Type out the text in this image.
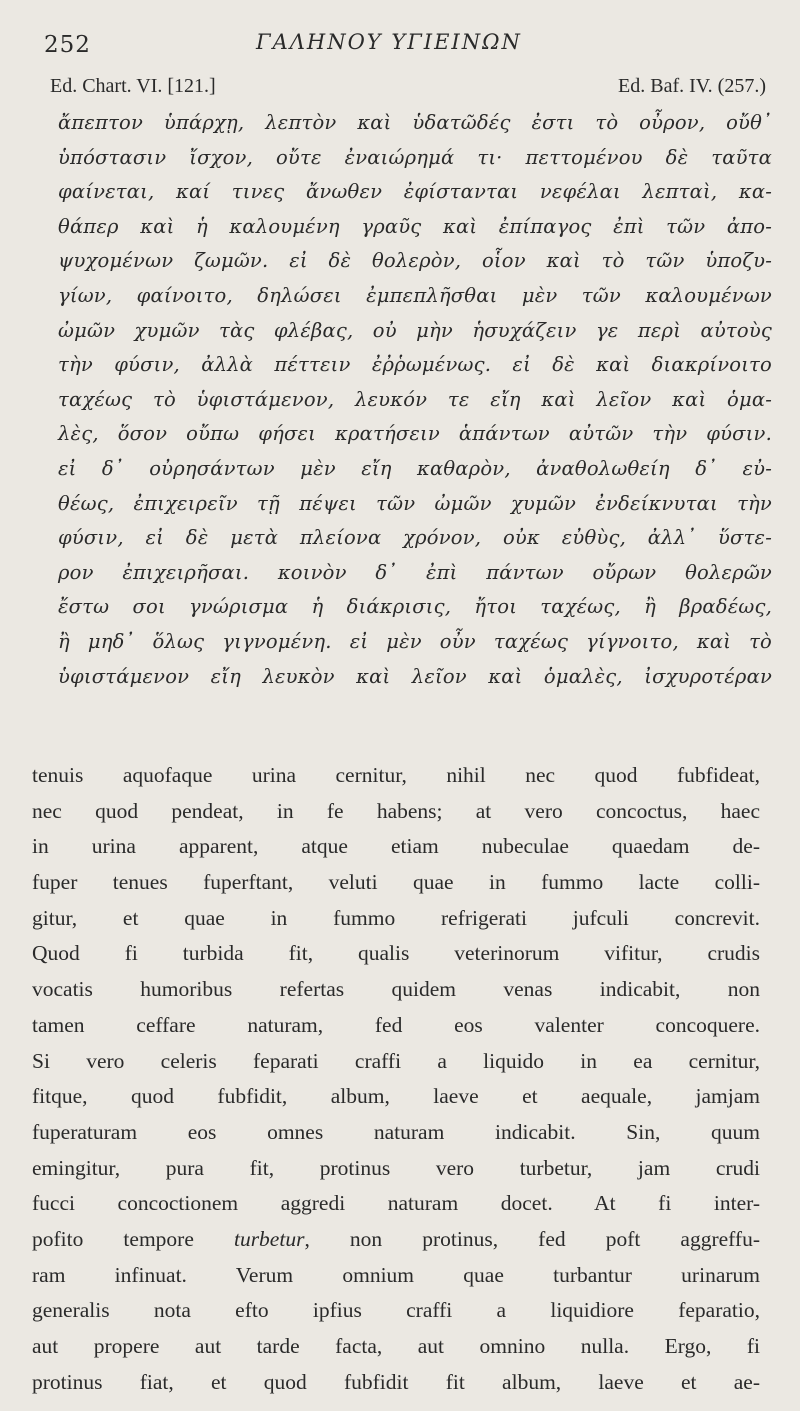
252	ΓΑΛΗΝΟΥ ΥΓΙΕΙΝΩΝ
Ed. Chart. VI. [121.]	Ed. Baf. IV. (257.)
ἄπεπτον ὑπάρχῃ, λεπτὸν καὶ ὑδατῶδές ἐστι τὸ οὖρον, οὔθ᾽
ὑπόστασιν ἴσχον, οὔτε ἐναιώρημά τι· πεττομένου δὲ ταῦτα
φαίνεται, καί τινες ἄνωθεν ἐφίστανται νεφέλαι λεπταὶ, κα-
θάπερ καὶ ἡ καλουμένη γραῦς καὶ ἐπίπαγος ἐπὶ τῶν ἀπο-
ψυχομένων ζωμῶν. εἰ δὲ θολερὸν, οἷον καὶ τὸ τῶν ὑποζυ-
γίων, φαίνοιτο, δηλώσει ἐμπεπλῆσθαι μὲν τῶν καλουμένων
ὠμῶν χυμῶν τὰς φλέβας, οὐ μὴν ἡσυχάζειν γε περὶ αὐτοὺς
τὴν φύσιν, ἀλλὰ πέττειν ἐῤῥωμένως. εἰ δὲ καὶ διακρίνοιτο
ταχέως τὸ ὑφιστάμενον, λευκόν τε εἴη καὶ λεῖον καὶ ὁμα-
λὲς, ὅσον οὔπω φήσει κρατήσειν ἁπάντων αὐτῶν τὴν φύσιν.
εἰ δ᾽ οὐρησάντων μὲν εἴη καθαρὸν, ἀναθολωθείη δ᾽ εὐ-
θέως, ἐπιχειρεῖν τῇ πέψει τῶν ὠμῶν χυμῶν ἐνδείκνυται τὴν
φύσιν, εἰ δὲ μετὰ πλείονα χρόνον, οὐκ εὐθὺς, ἀλλ᾽ ὕστε-
ρον ἐπιχειρῆσαι. κοινὸν δ᾽ ἐπὶ πάντων οὔρων θολερῶν
ἔστω σοι γνώρισμα ἡ διάκρισις, ἤτοι ταχέως, ἢ βραδέως,
ἢ μηδ᾽ ὅλως γιγνομένη. εἰ μὲν οὖν ταχέως γίγνοιτο, καὶ τὸ
ὑφιστάμενον εἴη λευκὸν καὶ λεῖον καὶ ὁμαλὲς, ἰσχυροτέραν
tenuis aquofaque urina cernitur, nihil nec quod fubfideat,
nec quod pendeat, in fe habens; at vero concoctus, haec
in urina apparent, atque etiam nubeculae quaedam de-
fuper tenues fuperftant, veluti quae in fummo lacte colli-
gitur, et quae in fummo refrigerati jufculi concrevit.
Quod fi turbida fit, qualis veterinorum vifitur, crudis
vocatis humoribus refertas quidem venas indicabit, non
tamen ceffare naturam, fed eos valenter concoquere.
Si vero celeris feparati craffi a liquido in ea cernitur,
fitque, quod fubfidit, album, laeve et aequale, jamjam
fuperaturam eos omnes naturam indicabit. Sin, quum
emingitur, pura fit, protinus vero turbetur, jam crudi
fucci concoctionem aggredi naturam docet. At fi inter-
pofito tempore turbetur, non protinus, fed poft aggreffu-
ram infinuat. Verum omnium quae turbantur urinarum
generalis nota efto ipfius craffi a liquidiore feparatio,
aut propere aut tarde facta, aut omnino nulla. Ergo, fi
protinus fiat, et quod fubfidit fit album, laeve et ae-
